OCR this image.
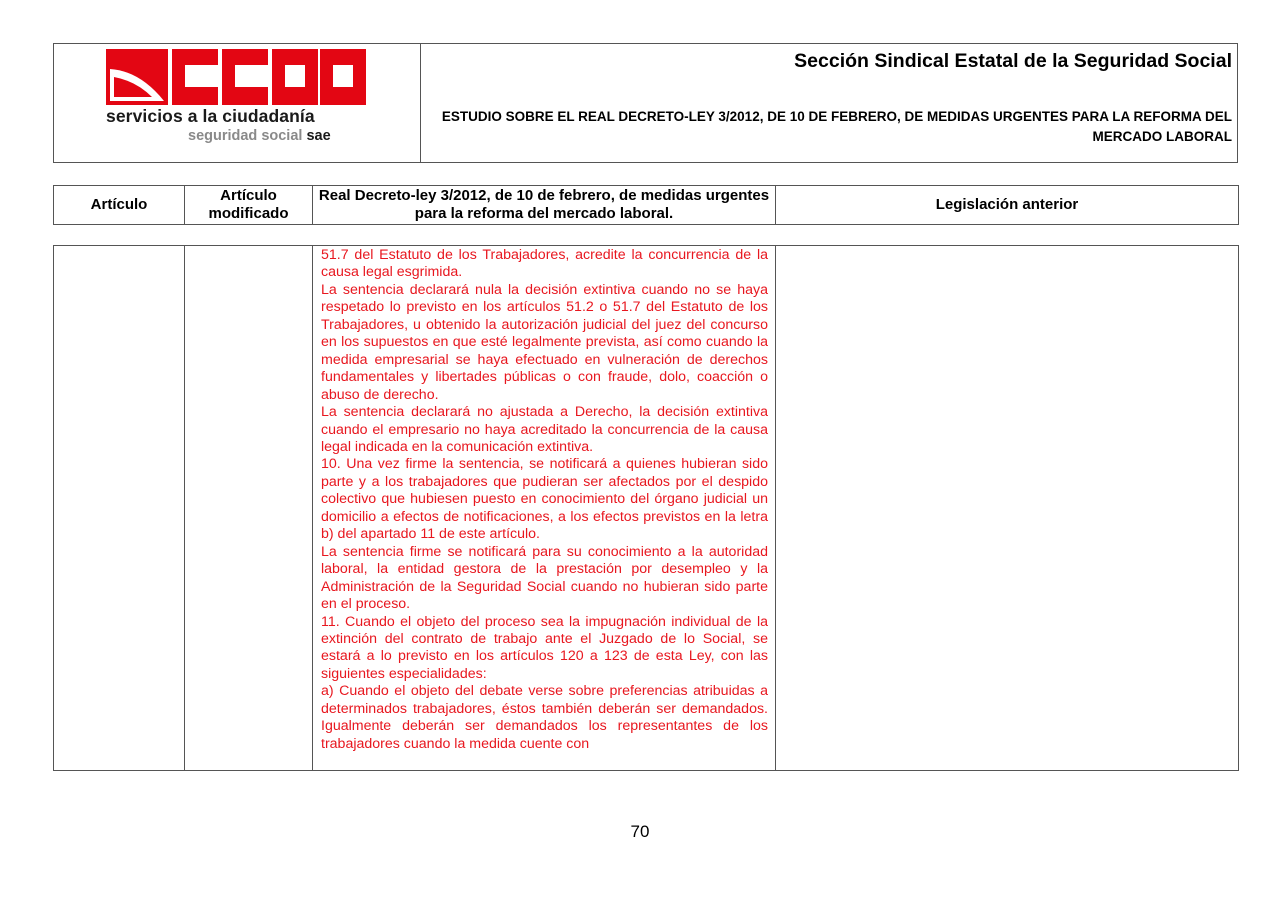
servicios a la ciudadanía
seguridad social sae
Sección Sindical Estatal de la Seguridad Social
ESTUDIO SOBRE EL REAL DECRETO-LEY 3/2012, DE 10 DE FEBRERO, DE MEDIDAS URGENTES PARA LA REFORMA DEL MERCADO LABORAL
Artículo
Artículo modificado
Real Decreto-ley 3/2012, de 10 de febrero, de medidas urgentes para la reforma del mercado laboral.
Legislación anterior

51.7 del Estatuto de los Trabajadores, acredite la concurrencia de la causa legal esgrimida.

La sentencia declarará nula la decisión extintiva cuando no se haya respetado lo previsto en los artículos 51.2 o 51.7 del Estatuto de los Trabajadores, u obtenido la autorización judicial del juez del concurso en los supuestos en que esté legalmente prevista, así como cuando la medida empresarial se haya efectuado en vulneración de derechos fundamentales y libertades públicas o con fraude, dolo, coacción o abuso de derecho.

La sentencia declarará no ajustada a Derecho, la decisión extintiva cuando el empresario no haya acreditado la concurrencia de la causa legal indicada en la comunicación extintiva.

10. Una vez firme la sentencia, se notificará a quienes hubieran sido parte y a los trabajadores que pudieran ser afectados por el despido colectivo que hubiesen puesto en conocimiento del órgano judicial un domicilio a efectos de notificaciones, a los efectos previstos en la letra b) del apartado 11 de este artículo.

La sentencia firme se notificará para su conocimiento a la autoridad laboral, la entidad gestora de la prestación por desempleo y la Administración de la Seguridad Social cuando no hubieran sido parte en el proceso.

11. Cuando el objeto del proceso sea la impugnación individual de la extinción del contrato de trabajo ante el Juzgado de lo Social, se estará a lo previsto en los artículos 120 a 123 de esta Ley, con las siguientes especialidades:

a) Cuando el objeto del debate verse sobre preferencias atribuidas a determinados trabajadores, éstos también deberán ser demandados. Igualmente deberán ser demandados los representantes de los trabajadores cuando la medida cuente con

70
